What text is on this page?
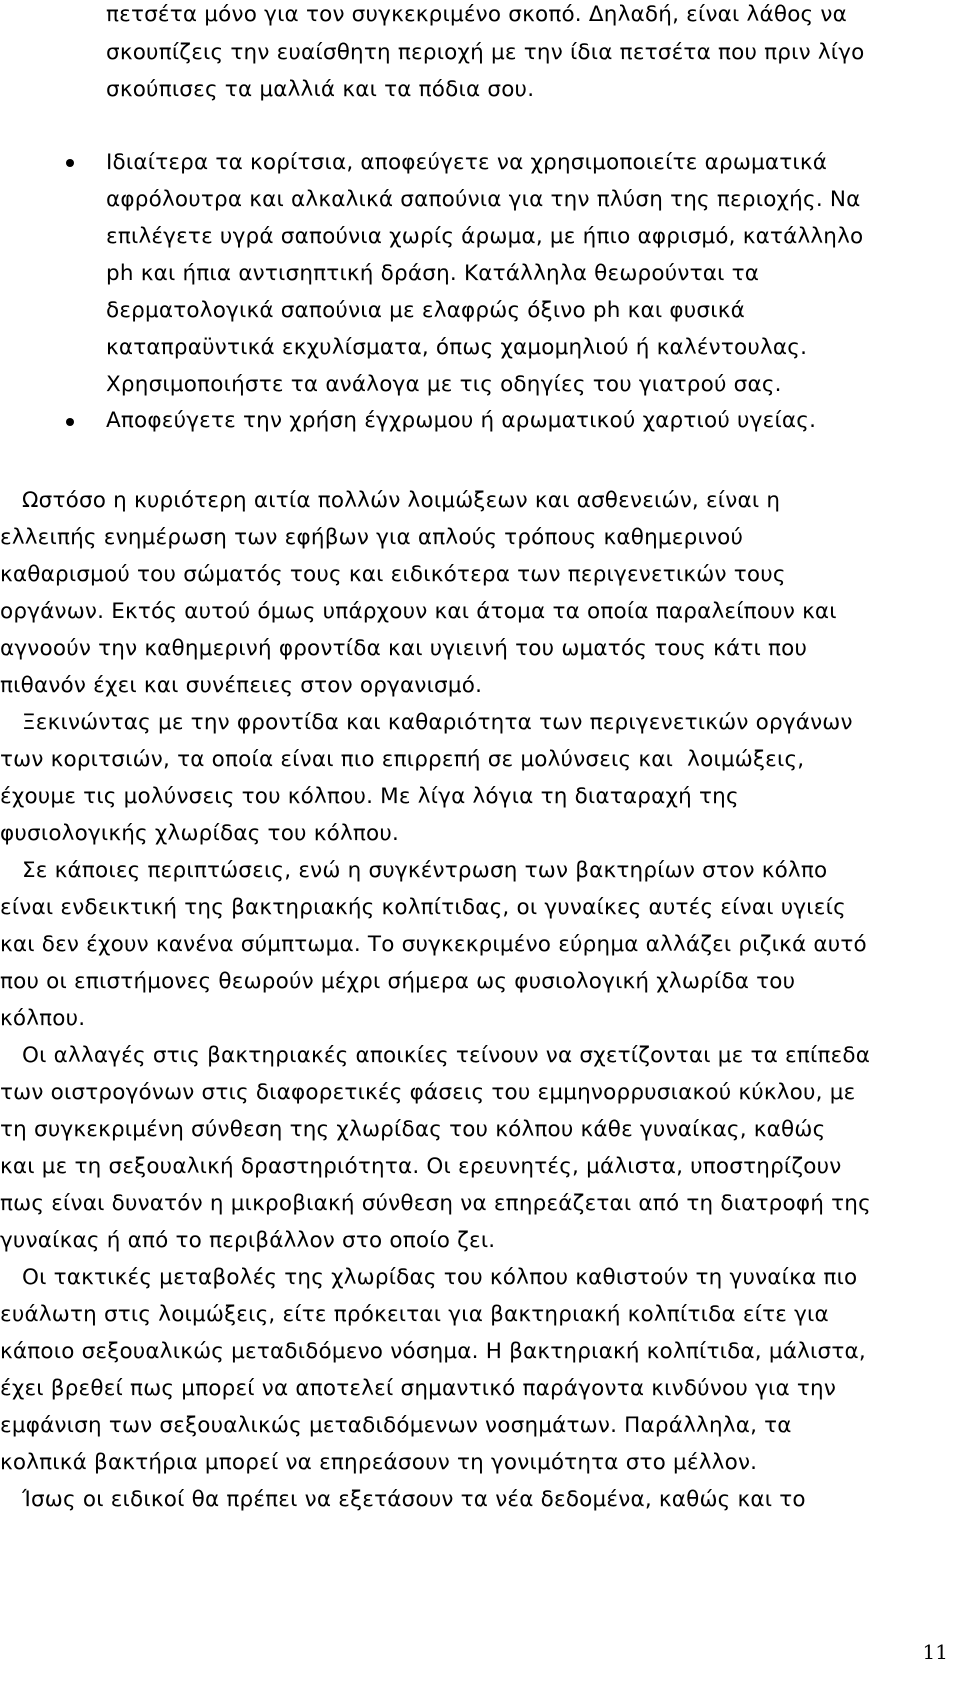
πετσέτα μόνο για τον συγκεκριμένο σκοπό. Δηλαδή, είναι λάθος να
σκουπίζεις την ευαίσθητη περιοχή με την ίδια πετσέτα που πριν λίγο
σκούπισες τα μαλλιά και τα πόδια σου.
Ιδιαίτερα τα κορίτσια, αποφεύγετε να χρησιμοποιείτε αρωματικά
αφρόλουτρα και αλκαλικά σαπούνια για την πλύση της περιοχής. Να
επιλέγετε υγρά σαπούνια χωρίς άρωμα, με ήπιο αφρισμό, κατάλληλο
ph και ήπια αντισηπτική δράση. Κατάλληλα θεωρούνται τα
δερματολογικά σαπούνια με ελαφρώς όξινο ph και φυσικά
καταπραϋντικά εκχυλίσματα, όπως χαμομηλιού ή καλέντουλας.
Χρησιμοποιήστε τα ανάλογα με τις οδηγίες του γιατρού σας.
Αποφεύγετε την χρήση έγχρωμου ή αρωματικού χαρτιού υγείας.
Ωστόσο η κυριότερη αιτία πολλών λοιμώξεων και ασθενειών, είναι η
ελλειπής ενημέρωση των εφήβων για απλούς τρόπους καθημερινού
καθαρισμού του σώματός τους και ειδικότερα των περιγενετικών τους
οργάνων. Εκτός αυτού όμως υπάρχουν και άτομα τα οποία παραλείπουν και
αγνοούν την καθημερινή φροντίδα και υγιεινή του ωματός τους κάτι που
πιθανόν έχει και συνέπειες στον οργανισμό.
Ξεκινώντας με την φροντίδα και καθαριότητα των περιγενετικών οργάνων
των κοριτσιών, τα οποία είναι πιο επιρρεπή σε μολύνσεις και  λοιμώξεις,
έχουμε τις μολύνσεις του κόλπου. Με λίγα λόγια τη διαταραχή της
φυσιολογικής χλωρίδας του κόλπου.
Σε κάποιες περιπτώσεις, ενώ η συγκέντρωση των βακτηρίων στον κόλπο
είναι ενδεικτική της βακτηριακής κολπίτιδας, οι γυναίκες αυτές είναι υγιείς
και δεν έχουν κανένα σύμπτωμα. Το συγκεκριμένο εύρημα αλλάζει ριζικά αυτό
που οι επιστήμονες θεωρούν μέχρι σήμερα ως φυσιολογική χλωρίδα του
κόλπου.
Οι αλλαγές στις βακτηριακές αποικίες τείνουν να σχετίζονται με τα επίπεδα
των οιστρογόνων στις διαφορετικές φάσεις του εμμηνορρυσιακού κύκλου, με
τη συγκεκριμένη σύνθεση της χλωρίδας του κόλπου κάθε γυναίκας, καθώς
και με τη σεξουαλική δραστηριότητα. Οι ερευνητές, μάλιστα, υποστηρίζουν
πως είναι δυνατόν η μικροβιακή σύνθεση να επηρεάζεται από τη διατροφή της
γυναίκας ή από το περιβάλλον στο οποίο ζει.
Οι τακτικές μεταβολές της χλωρίδας του κόλπου καθιστούν τη γυναίκα πιο
ευάλωτη στις λοιμώξεις, είτε πρόκειται για βακτηριακή κολπίτιδα είτε για
κάποιο σεξουαλικώς μεταδιδόμενο νόσημα. Η βακτηριακή κολπίτιδα, μάλιστα,
έχει βρεθεί πως μπορεί να αποτελεί σημαντικό παράγοντα κινδύνου για την
εμφάνιση των σεξουαλικώς μεταδιδόμενων νοσημάτων. Παράλληλα, τα
κολπικά βακτήρια μπορεί να επηρεάσουν τη γονιμότητα στο μέλλον.
Ίσως οι ειδικοί θα πρέπει να εξετάσουν τα νέα δεδομένα, καθώς και το
11
